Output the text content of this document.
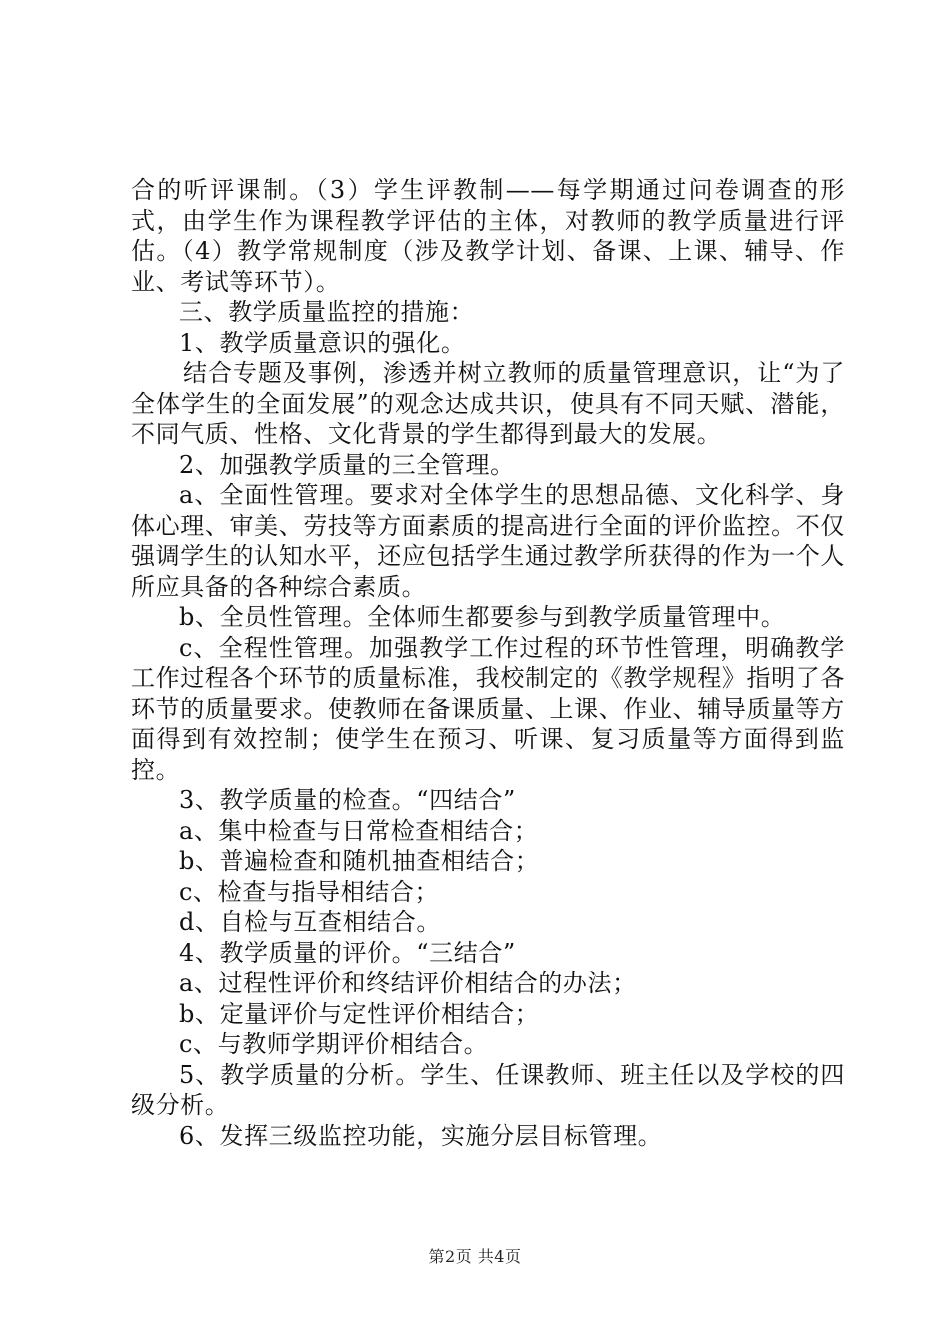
合的听评课制。（3）学生评教制——每学期通过问卷调查的形式，由学生作为课程教学评估的主体，对教师的教学质量进行评估。（4）教学常规制度（涉及教学计划、备课、上课、辅导、作业、考试等环节）。

三、教学质量监控的措施：

1、教学质量意识的强化。

结合专题及事例，渗透并树立教师的质量管理意识，让“为了全体学生的全面发展”的观念达成共识，使具有不同天赋、潜能，不同气质、性格、文化背景的学生都得到最大的发展。

2、加强教学质量的三全管理。

a、全面性管理。要求对全体学生的思想品德、文化科学、身体心理、审美、劳技等方面素质的提高进行全面的评价监控。不仅强调学生的认知水平，还应包括学生通过教学所获得的作为一个人所应具备的各种综合素质。

b、全员性管理。全体师生都要参与到教学质量管理中。

c、全程性管理。加强教学工作过程的环节性管理，明确教学工作过程各个环节的质量标准，我校制定的《教学规程》指明了各环节的质量要求。使教师在备课质量、上课、作业、辅导质量等方面得到有效控制；使学生在预习、听课、复习质量等方面得到监控。

3、教学质量的检查。“四结合”

a、集中检查与日常检查相结合；

b、普遍检查和随机抽查相结合；

c、检查与指导相结合；

d、自检与互查相结合。

4、教学质量的评价。“三结合”

a、过程性评价和终结评价相结合的办法；

b、定量评价与定性评价相结合；

c、与教师学期评价相结合。

5、教学质量的分析。学生、任课教师、班主任以及学校的四级分析。

6、发挥三级监控功能，实施分层目标管理。

第2页 共4页
